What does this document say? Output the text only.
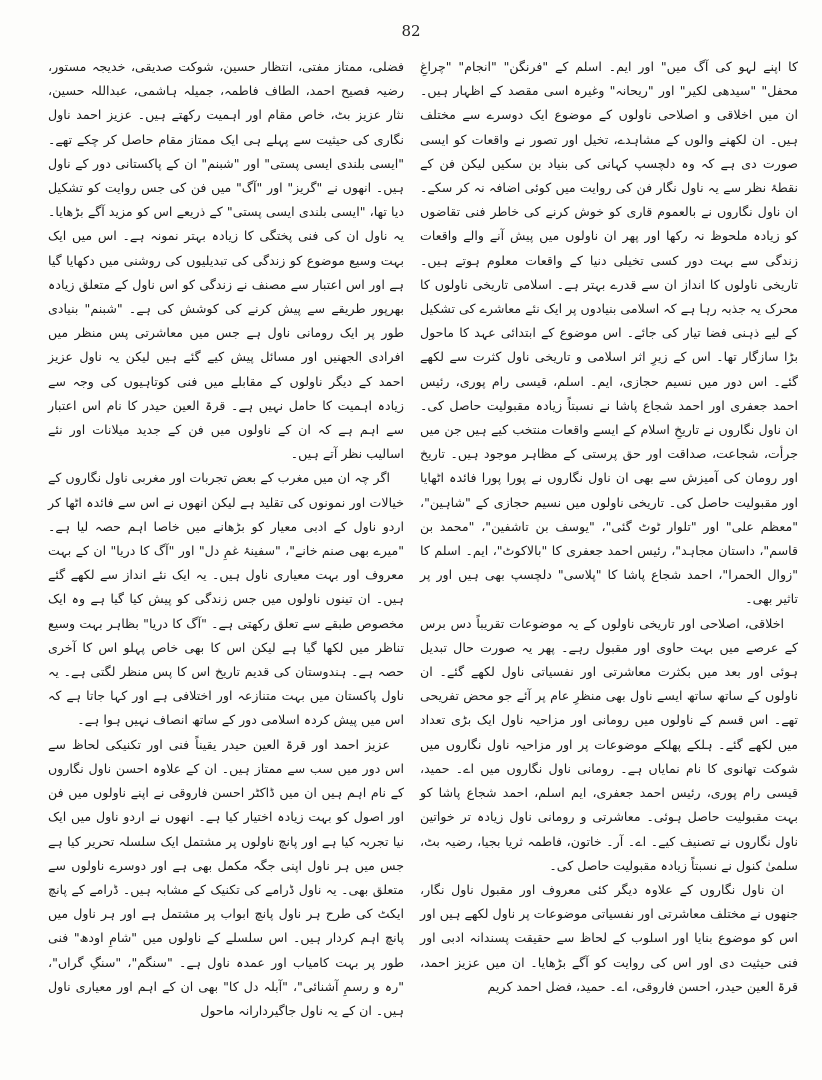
82

کا اپنے لہو کی آگ میں" اور ایم۔ اسلم کے "فرنگن" "انجام" "چراغِ محفل" "سیدھی لکیر" اور "ریحانہ" وغیرہ اسی مقصد کے اظہار ہیں۔ ان میں اخلاقی و اصلاحی ناولوں کے موضوع ایک دوسرے سے مختلف ہیں۔ ان لکھنے والوں کے مشاہدے، تخیل اور تصور نے واقعات کو ایسی صورت دی ہے کہ وہ دلچسپ کہانی کی بنیاد بن سکیں لیکن فن کے نقطۂ نظر سے یہ ناول نگار فن کی روایت میں کوئی اضافہ نہ کر سکے۔ ان ناول نگاروں نے بالعموم قاری کو خوش کرنے کی خاطر فنی تقاضوں کو زیادہ ملحوظ نہ رکھا اور پھر ان ناولوں میں پیش آنے والے واقعات زندگی سے بہت دور کسی تخیلی دنیا کے واقعات معلوم ہوتے ہیں۔ تاریخی ناولوں کا انداز ان سے قدرے بہتر ہے۔ اسلامی تاریخی ناولوں کا محرک یہ جذبہ رہا ہے کہ اسلامی بنیادوں پر ایک نئے معاشرے کی تشکیل کے لیے ذہنی فضا تیار کی جائے۔ اس موضوع کے ابتدائی عہد کا ماحول بڑا سازگار تھا۔ اس کے زیرِ اثر اسلامی و تاریخی ناول کثرت سے لکھے گئے۔ اس دور میں نسیم حجازی، ایم۔ اسلم، قیسی رام پوری، رئیس احمد جعفری اور احمد شجاع پاشا نے نسبتاً زیادہ مقبولیت حاصل کی۔ ان ناول نگاروں نے تاریخِ اسلام کے ایسے واقعات منتخب کیے ہیں جن میں جرأت، شجاعت، صداقت اور حق پرستی کے مظاہر موجود ہیں۔ تاریخ اور رومان کی آمیزش سے بھی ان ناول نگاروں نے پورا پورا فائدہ اٹھایا اور مقبولیت حاصل کی۔ تاریخی ناولوں میں نسیم حجازی کے "شاہین"، "معظم علی" اور "تلوار ٹوٹ گئی"، "یوسف بن تاشفین"، "محمد بن قاسم"، داستان مجاہد"، رئیس احمد جعفری کا "بالاکوٹ"، ایم۔ اسلم کا "زوال الحمرا"، احمد شجاع پاشا کا "پلاسی" دلچسپ بھی ہیں اور پر تاثیر بھی۔

اخلاقی، اصلاحی اور تاریخی ناولوں کے یہ موضوعات تقریباً دس برس کے عرصے میں بہت حاوی اور مقبول رہے۔ پھر یہ صورت حال تبدیل ہوئی اور بعد میں بکثرت معاشرتی اور نفسیاتی ناول لکھے گئے۔ ان ناولوں کے ساتھ ساتھ ایسے ناول بھی منظرِ عام پر آئے جو محض تفریحی تھے۔ اس قسم کے ناولوں میں رومانی اور مزاحیہ ناول ایک بڑی تعداد میں لکھے گئے۔ ہلکے پھلکے موضوعات پر اور مزاحیہ ناول نگاروں میں شوکت تھانوی کا نام نمایاں ہے۔ رومانی ناول نگاروں میں اے۔ حمید، قیسی رام پوری، رئیس احمد جعفری، ایم اسلم، احمد شجاع پاشا کو بہت مقبولیت حاصل ہوئی۔ معاشرتی و رومانی ناول زیادہ تر خواتین ناول نگاروں نے تصنیف کیے۔ اے۔ آر۔ خاتون، فاطمہ ثریا بجیا، رضیہ بٹ، سلمیٰ کنول نے نسبتاً زیادہ مقبولیت حاصل کی۔

ان ناول نگاروں کے علاوہ دیگر کئی معروف اور مقبول ناول نگار، جنھوں نے مختلف معاشرتی اور نفسیاتی موضوعات پر ناول لکھے ہیں اور اس کو موضوع بنایا اور اسلوب کے لحاظ سے حقیقت پسندانہ ادبی اور فنی حیثیت دی اور اس کی روایت کو آگے بڑھایا۔ ان میں عزیز احمد، قرۃ العین حیدر، احسن فاروقی، اے۔ حمید، فضل احمد کریم

فضلی، ممتاز مفتی، انتظار حسین، شوکت صدیقی، خدیجہ مستور، رضیہ فصیح احمد، الطاف فاطمہ، جمیلہ ہاشمی، عبداللہ حسین، نثار عزیز بٹ، خاص مقام اور اہمیت رکھتے ہیں۔ عزیز احمد ناول نگاری کی حیثیت سے پہلے ہی ایک ممتاز مقام حاصل کر چکے تھے۔ "ایسی بلندی ایسی پستی" اور "شبنم" ان کے پاکستانی دور کے ناول ہیں۔ انھوں نے "گریز" اور "آگ" میں فن کی جس روایت کو تشکیل دیا تھا، "ایسی بلندی ایسی پستی" کے ذریعے اس کو مزید آگے بڑھایا۔ یہ ناول ان کی فنی پختگی کا زیادہ بہتر نمونہ ہے۔ اس میں ایک بہت وسیع موضوع کو زندگی کی تبدیلیوں کی روشنی میں دکھایا گیا ہے اور اس اعتبار سے مصنف نے زندگی کو اس ناول کے متعلق زیادہ بھرپور طریقے سے پیش کرنے کی کوشش کی ہے۔ "شبنم" بنیادی طور پر ایک رومانی ناول ہے جس میں معاشرتی پس منظر میں افرادی الجھنیں اور مسائل پیش کیے گئے ہیں لیکن یہ ناول عزیز احمد کے دیگر ناولوں کے مقابلے میں فنی کوتاہیوں کی وجہ سے زیادہ اہمیت کا حامل نہیں ہے۔ قرۃ العین حیدر کا نام اس اعتبار سے اہم ہے کہ ان کے ناولوں میں فن کے جدید میلانات اور نئے اسالیب نظر آتے ہیں۔

اگر چہ ان میں مغرب کے بعض تجربات اور مغربی ناول نگاروں کے خیالات اور نمونوں کی تقلید ہے لیکن انھوں نے اس سے فائدہ اٹھا کر اردو ناول کے ادبی معیار کو بڑھانے میں خاصا اہم حصہ لیا ہے۔ "میرے بھی صنم خانے"، "سفینۂ غمِ دل" اور "آگ کا دریا" ان کے بہت معروف اور بہت معیاری ناول ہیں۔ یہ ایک نئے انداز سے لکھے گئے ہیں۔ ان تینوں ناولوں میں جس زندگی کو پیش کیا گیا ہے وہ ایک مخصوص طبقے سے تعلق رکھتی ہے۔ "آگ کا دریا" بظاہر بہت وسیع تناظر میں لکھا گیا ہے لیکن اس کا بھی خاص پہلو اس کا آخری حصہ ہے۔ ہندوستان کی قدیم تاریخ اس کا پس منظر لگتی ہے۔ یہ ناول پاکستان میں بہت متنازعہ اور اختلافی ہے اور کہا جاتا ہے کہ اس میں پیش کردہ اسلامی دور کے ساتھ انصاف نہیں ہوا ہے۔

عزیز احمد اور قرۃ العین حیدر یقیناً فنی اور تکنیکی لحاظ سے اس دور میں سب سے ممتاز ہیں۔ ان کے علاوہ احسن ناول نگاروں کے نام اہم ہیں ان میں ڈاکٹر احسن فاروقی نے اپنے ناولوں میں فن اور اصول کو بہت زیادہ اختیار کیا ہے۔ انھوں نے اردو ناول میں ایک نیا تجربہ کیا ہے اور پانچ ناولوں پر مشتمل ایک سلسلہ تحریر کیا ہے جس میں ہر ناول اپنی جگہ مکمل بھی ہے اور دوسرے ناولوں سے متعلق بھی۔ یہ ناول ڈرامے کی تکنیک کے مشابہ ہیں۔ ڈرامے کے پانچ ایکٹ کی طرح ہر ناول پانچ ابواب پر مشتمل ہے اور ہر ناول میں پانچ اہم کردار ہیں۔ اس سلسلے کے ناولوں میں "شامِ اودھ" فنی طور پر بہت کامیاب اور عمدہ ناول ہے۔ "سنگم"، "سنگِ گراں"، "رہ و رسمِ آشنائی"، "آبلہ دل کا" بھی ان کے اہم اور معیاری ناول ہیں۔ ان کے یہ ناول جاگیردارانہ ماحول
